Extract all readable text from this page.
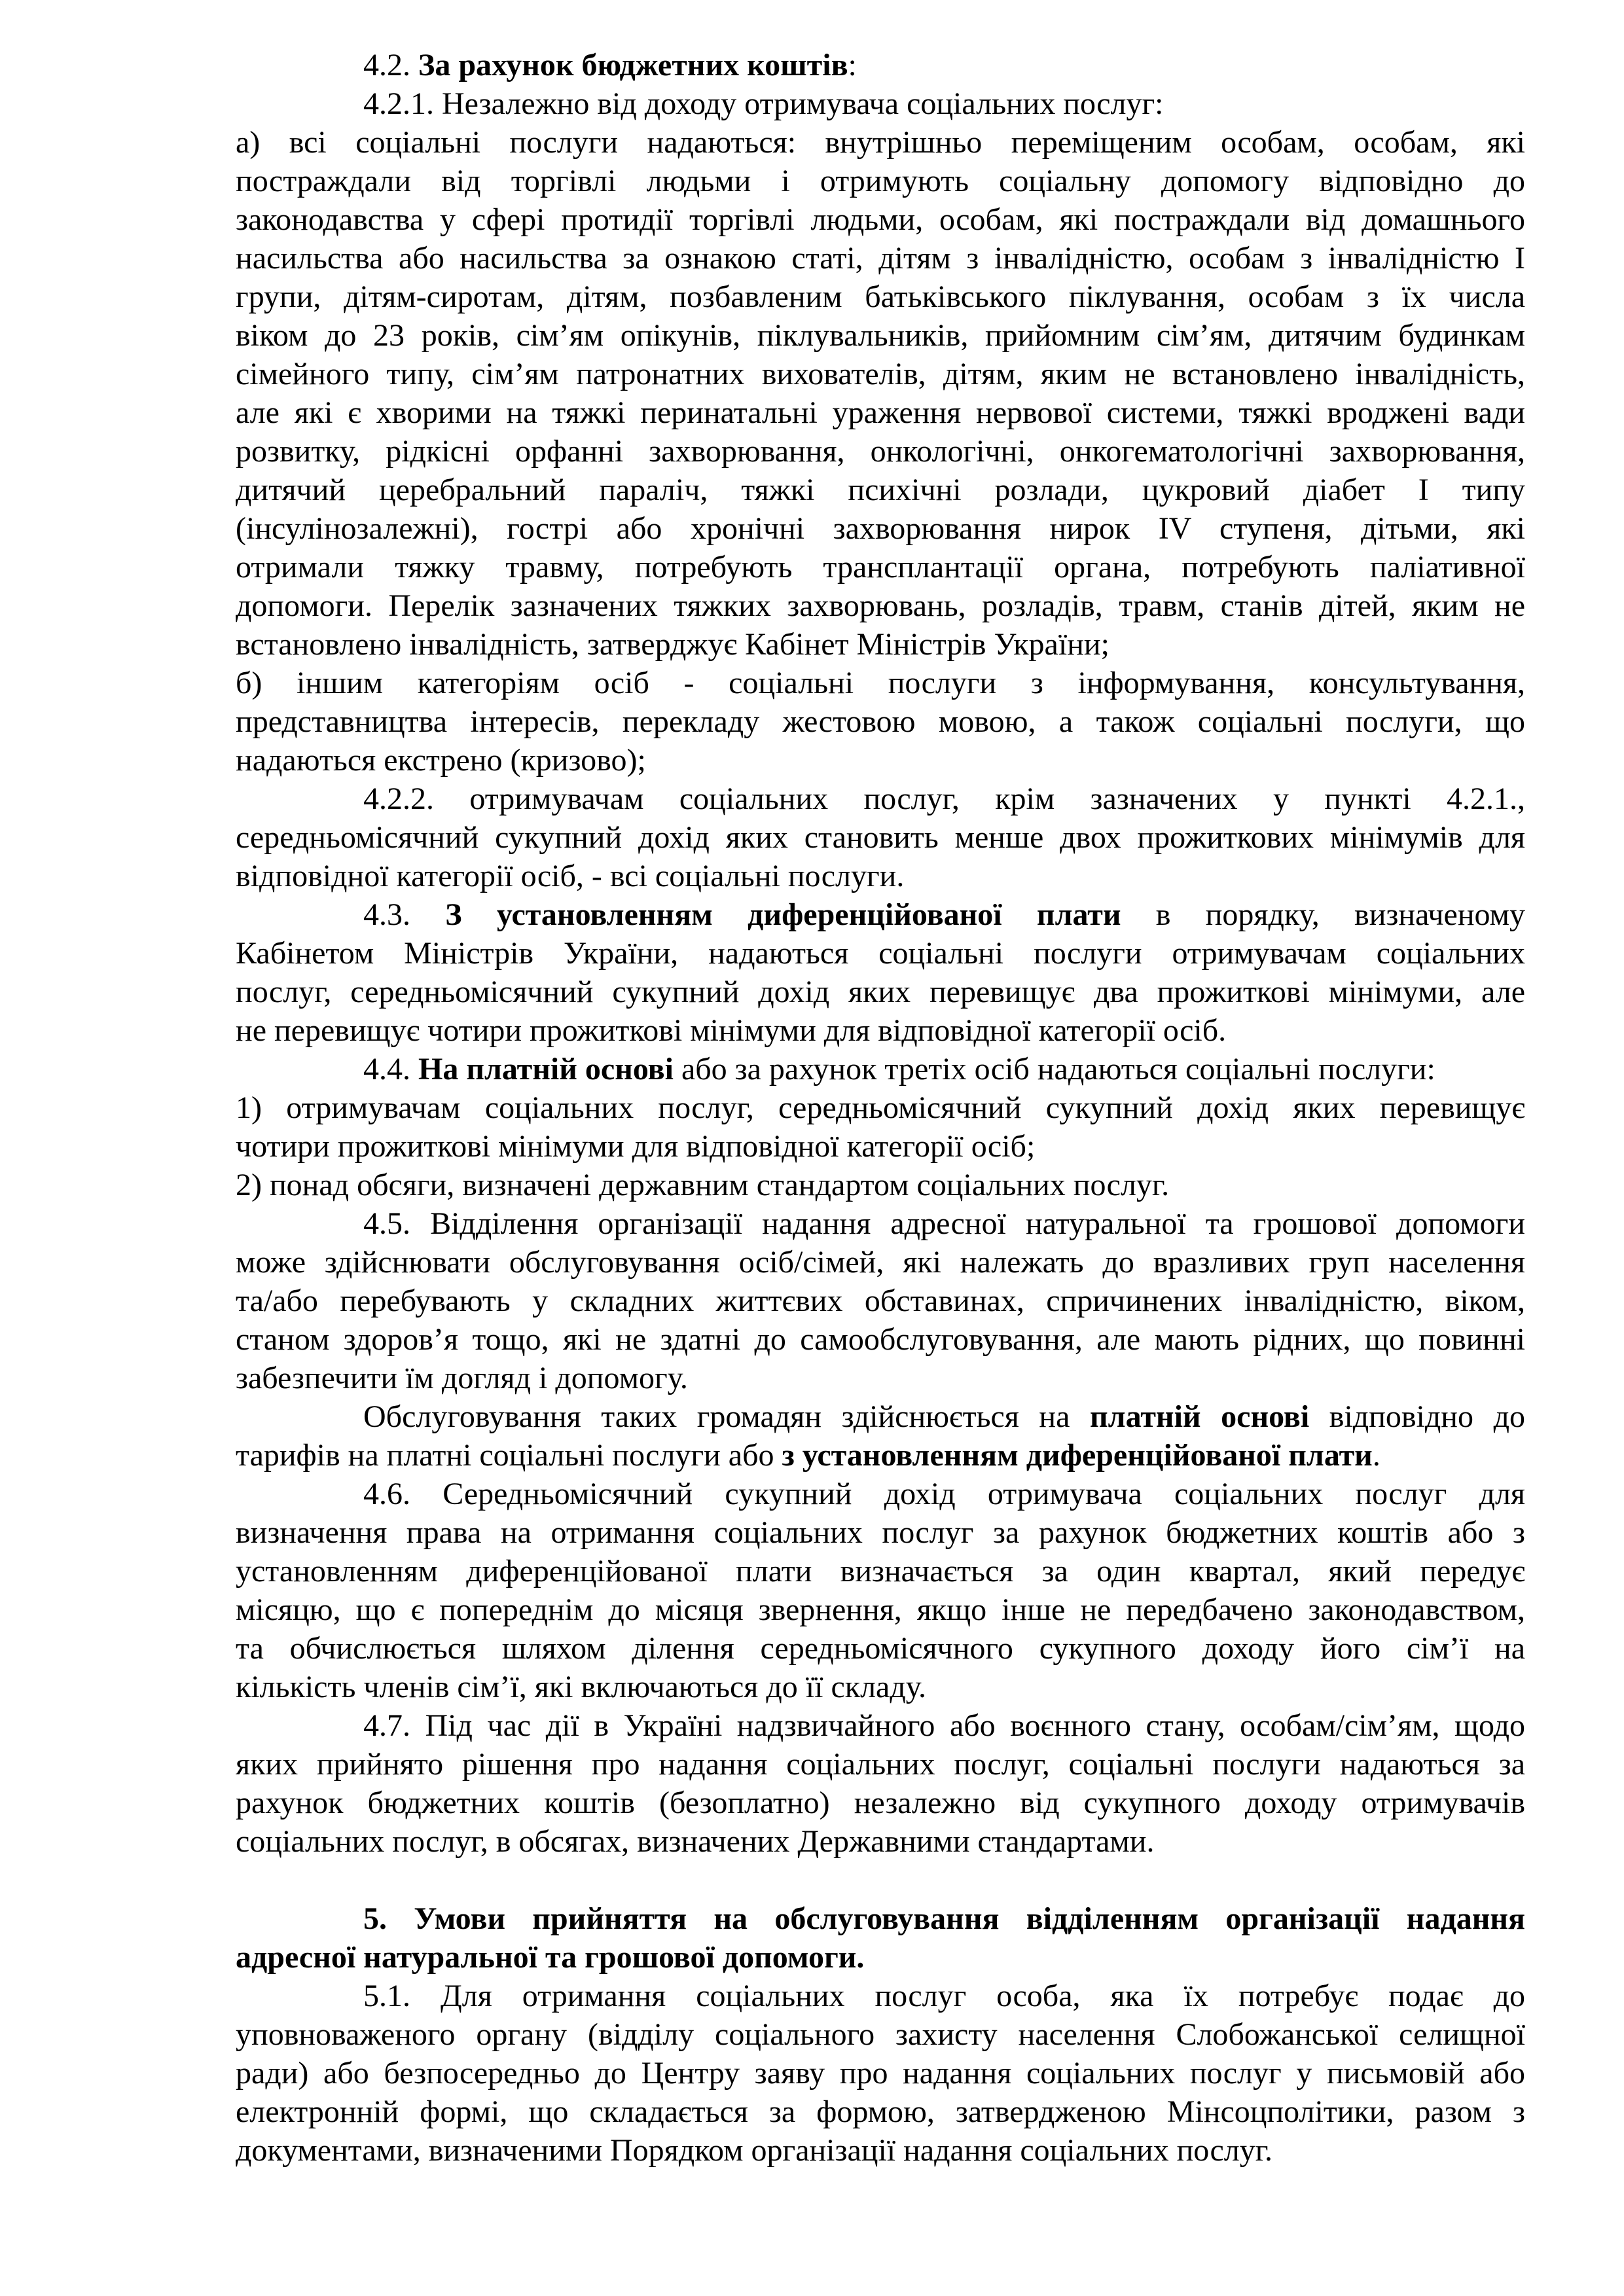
4.2. За рахунок бюджетних коштів:
4.2.1. Незалежно від доходу отримувача соціальних послуг:
а) всі соціальні послуги надаються: внутрішньо переміщеним особам, особам, які
постраждали від торгівлі людьми і отримують соціальну допомогу відповідно до
законодавства у сфері протидії торгівлі людьми, особам, які постраждали від домашнього
насильства або насильства за ознакою статі, дітям з інвалідністю, особам з інвалідністю І
групи, дітям-сиротам, дітям, позбавленим батьківського піклування, особам з їх числа
віком до 23 років, сім’ям опікунів, піклувальників, прийомним сім’ям, дитячим будинкам
сімейного типу, сім’ям патронатних вихователів, дітям, яким не встановлено інвалідність,
але які є хворими на тяжкі перинатальні ураження нервової системи, тяжкі вроджені вади
розвитку, рідкісні орфанні захворювання, онкологічні, онкогематологічні захворювання,
дитячий церебральний параліч, тяжкі психічні розлади, цукровий діабет І типу
(інсулінозалежні), гострі або хронічні захворювання нирок IV ступеня, дітьми, які
отримали тяжку травму, потребують трансплантації органа, потребують паліативної
допомоги. Перелік зазначених тяжких захворювань, розладів, травм, станів дітей, яким не
встановлено інвалідність, затверджує Кабінет Міністрів України;
б) іншим категоріям осіб - соціальні послуги з інформування, консультування,
представництва інтересів, перекладу жестовою мовою, а також соціальні послуги, що
надаються екстрено (кризово);
4.2.2. отримувачам соціальних послуг, крім зазначених у пункті 4.2.1.,
середньомісячний сукупний дохід яких становить менше двох прожиткових мінімумів для
відповідної категорії осіб, - всі соціальні послуги.
4.3. З установленням диференційованої плати в порядку, визначеному
Кабінетом Міністрів України, надаються соціальні послуги отримувачам соціальних
послуг, середньомісячний сукупний дохід яких перевищує два прожиткові мінімуми, але
не перевищує чотири прожиткові мінімуми для відповідної категорії осіб.
4.4. На платній основі або за рахунок третіх осіб надаються соціальні послуги:
1) отримувачам соціальних послуг, середньомісячний сукупний дохід яких перевищує
чотири прожиткові мінімуми для відповідної категорії осіб;
2) понад обсяги, визначені державним стандартом соціальних послуг.
4.5. Відділення організації надання адресної натуральної та грошової допомоги
може здійснювати обслуговування осіб/сімей, які належать до вразливих груп населення
та/або перебувають у складних життєвих обставинах, спричинених інвалідністю, віком,
станом здоров’я тощо, які не здатні до самообслуговування, але мають рідних, що повинні
забезпечити їм догляд і допомогу.
Обслуговування таких громадян здійснюється на платній основі відповідно до
тарифів на платні соціальні послуги або з установленням диференційованої плати.
4.6. Середньомісячний сукупний дохід отримувача соціальних послуг для
визначення права на отримання соціальних послуг за рахунок бюджетних коштів або з
установленням диференційованої плати визначається за один квартал, який передує
місяцю, що є попереднім до місяця звернення, якщо інше не передбачено законодавством,
та обчислюється шляхом ділення середньомісячного сукупного доходу його сім’ї на
кількість членів сім’ї, які включаються до її складу.
4.7. Під час дії в Україні надзвичайного або воєнного стану, особам/сім’ям, щодо
яких прийнято рішення про надання соціальних послуг, соціальні послуги надаються за
рахунок бюджетних коштів (безоплатно) незалежно від сукупного доходу отримувачів
соціальних послуг, в обсягах, визначених Державними стандартами.
5. Умови прийняття на обслуговування відділенням організації надання
адресної натуральної та грошової допомоги.
5.1. Для отримання соціальних послуг особа, яка їх потребує подає до
уповноваженого органу (відділу соціального захисту населення Слобожанської селищної
ради) або безпосередньо до Центру заяву про надання соціальних послуг у письмовій або
електронній формі, що складається за формою, затвердженою Мінсоцполітики, разом з
документами, визначеними Порядком організації надання соціальних послуг.
